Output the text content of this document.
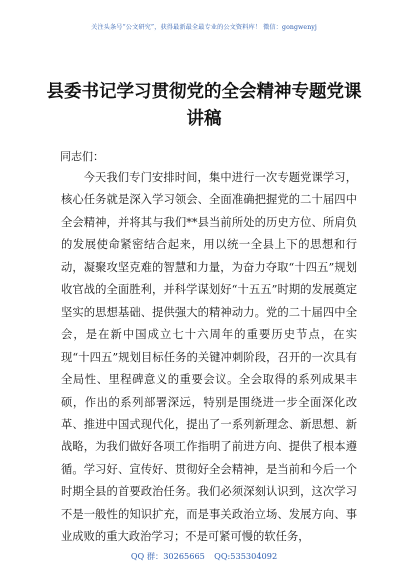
关注头条号“公文研究”，获得最新最全最专业的公文资料库！ 微信：gongwenyj
县委书记学习贯彻党的全会精神专题党课讲稿
同志们：

今天我们专门安排时间，集中进行一次专题党课学习，核心任务就是深入学习领会、全面准确把握党的二十届四中全会精神，并将其与我们**县当前所处的历史方位、所肩负的发展使命紧密结合起来，用以统一全县上下的思想和行动，凝聚攻坚克难的智慧和力量，为奋力夺取“十四五”规划收官战的全面胜利，并科学谋划好“十五五”时期的发展奠定坚实的思想基础、提供强大的精神动力。党的二十届四中全会，是在新中国成立七十六周年的重要历史节点，在实现“十四五”规划目标任务的关键冲刺阶段，召开的一次具有全局性、里程碑意义的重要会议。全会取得的系列成果丰硕，作出的系列部署深远，特别是围绕进一步全面深化改革、推进中国式现代化，提出了一系列新理念、新思想、新战略，为我们做好各项工作指明了前进方向、提供了根本遵循。学习好、宣传好、贯彻好全会精神，是当前和今后一个时期全县的首要政治任务。我们必须深刻认识到，这次学习不是一般性的知识扩充，而是事关政治立场、发展方向、事业成败的重大政治学习；不是可紧可慢的软任务，

QQ 群：30265665 QQ:535304092
